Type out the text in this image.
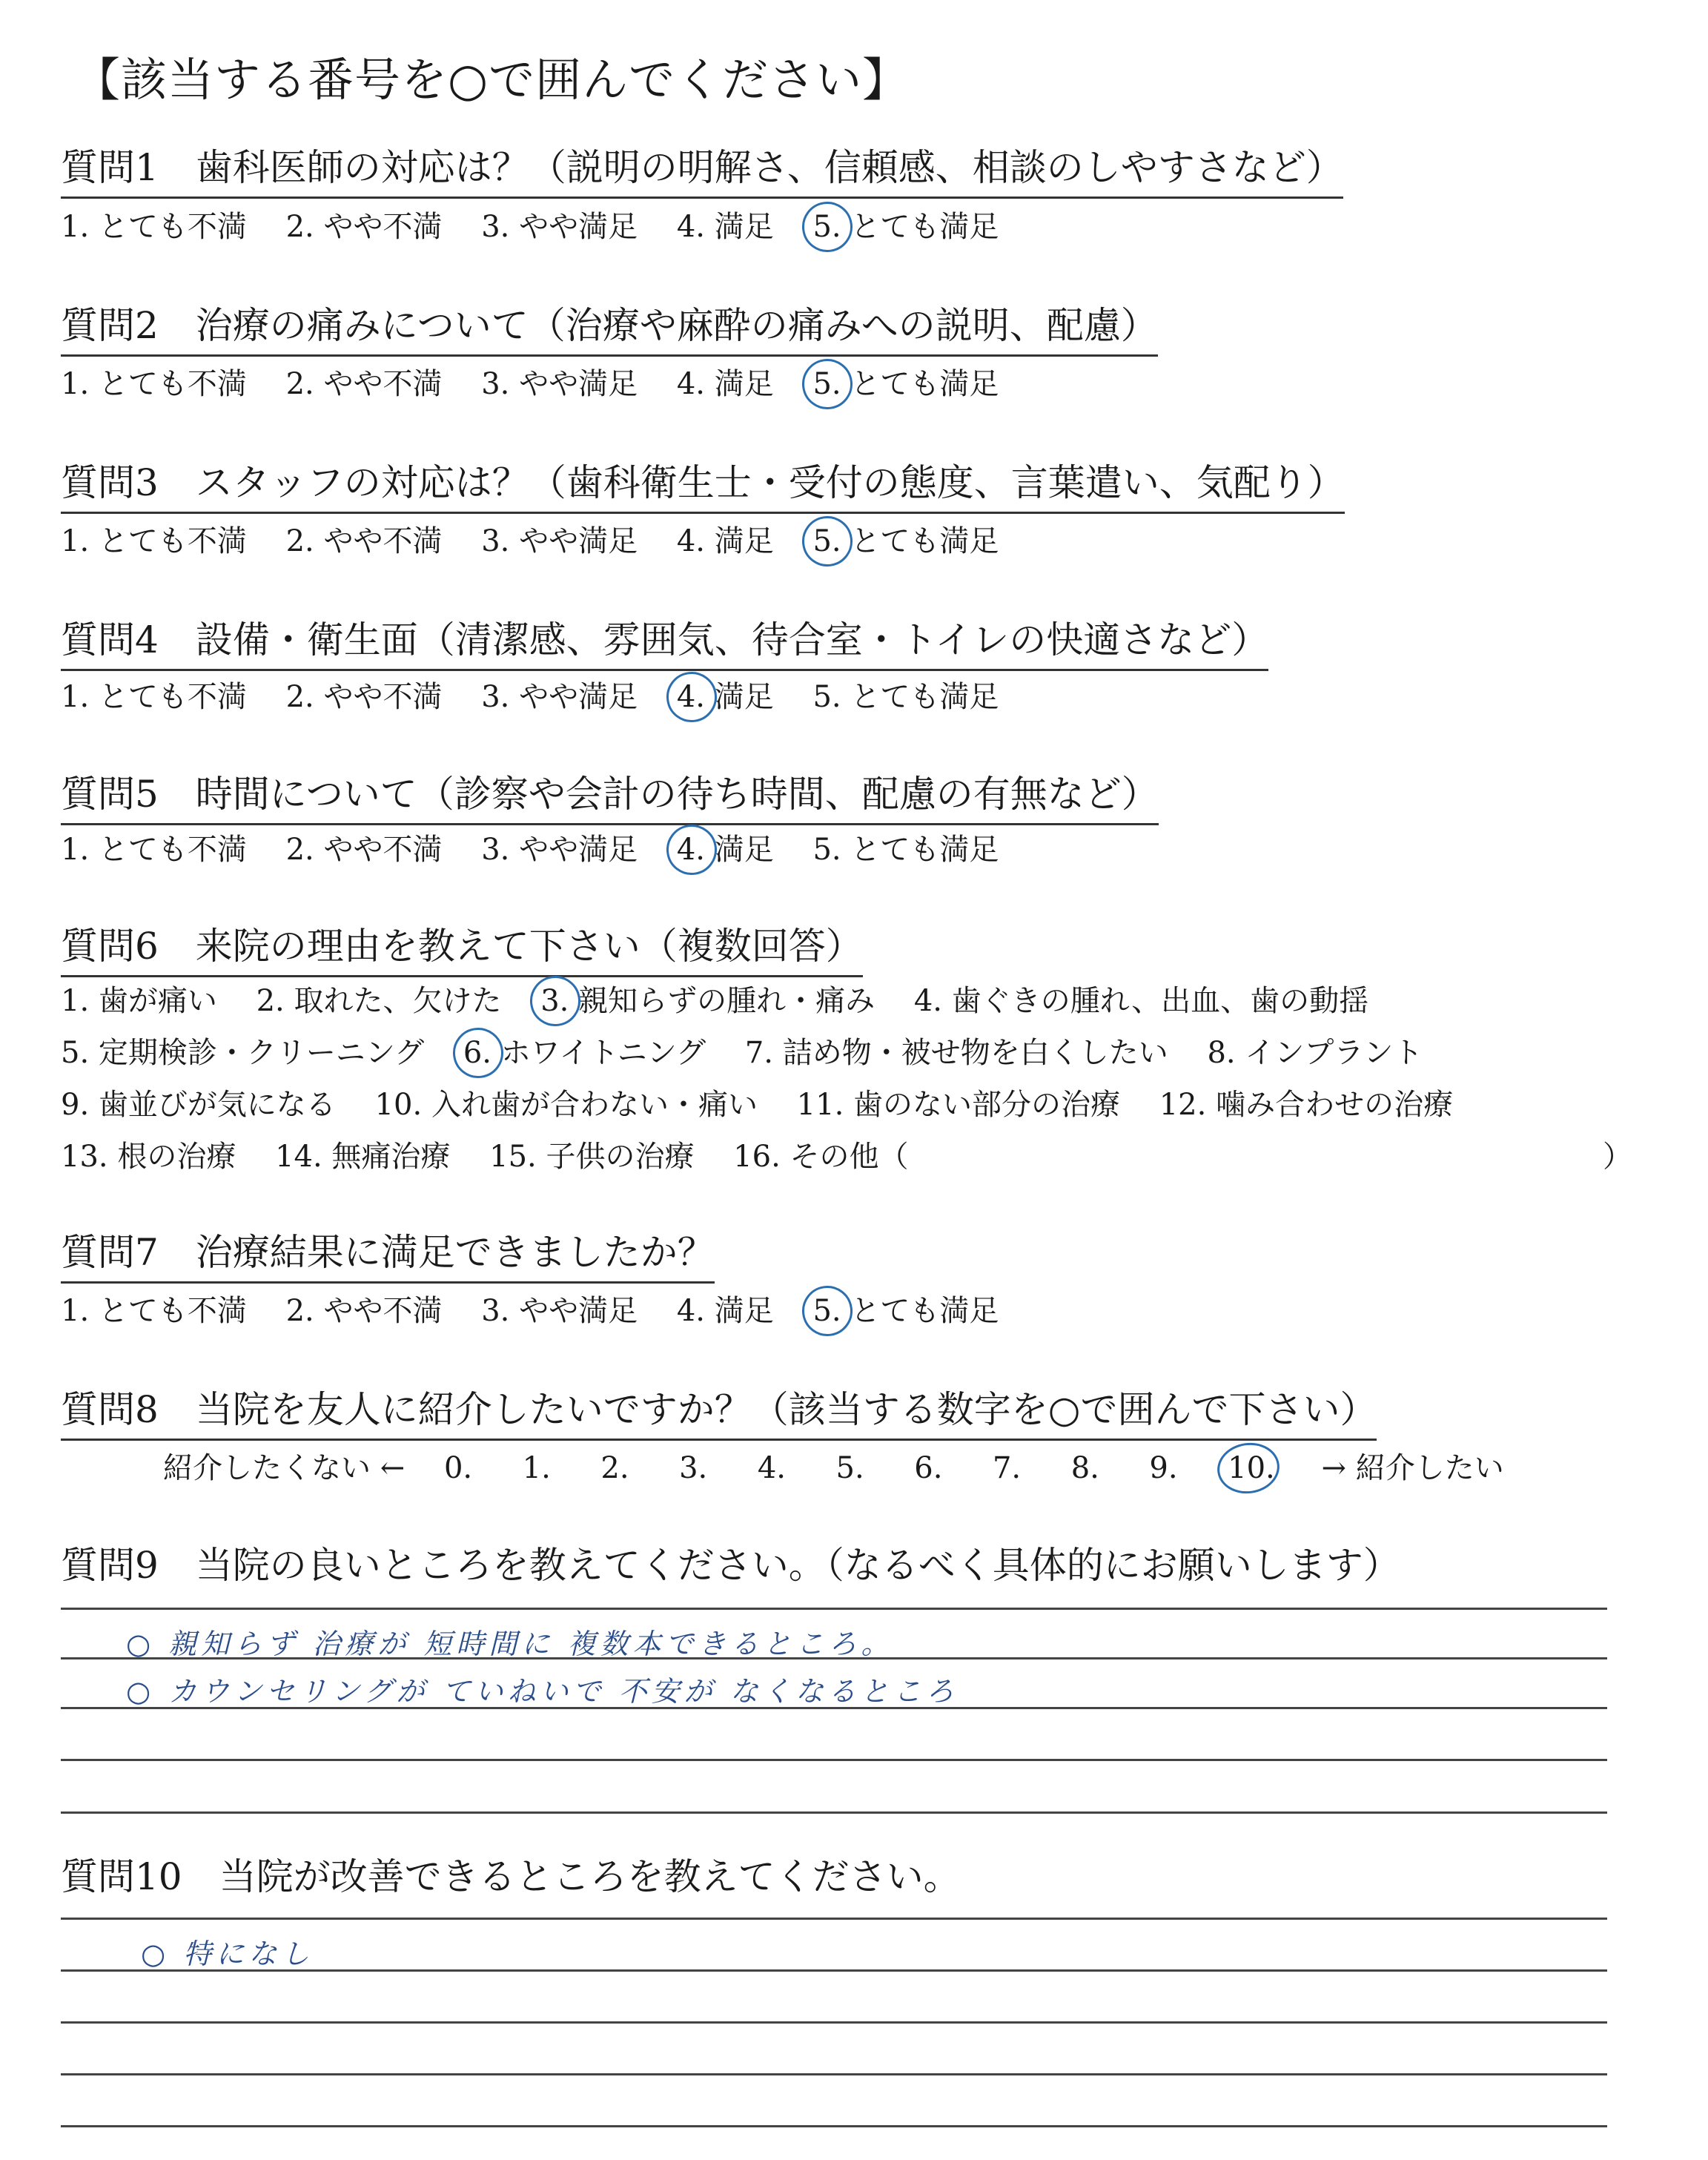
【該当する番号を○で囲んでください】
質問1　歯科医師の対応は？（説明の明解さ、信頼感、相談のしやすさなど）
1. とても不満 2. やや不満 3. やや満足 4. 満足 5. とても満足
質問2　治療の痛みについて（治療や麻酔の痛みへの説明、配慮）
1. とても不満 2. やや不満 3. やや満足 4. 満足 5. とても満足
質問3　スタッフの対応は？（歯科衛生士・受付の態度、言葉遣い、気配り）
1. とても不満 2. やや不満 3. やや満足 4. 満足 5. とても満足
質問4　設備・衛生面（清潔感、雰囲気、待合室・トイレの快適さなど）
1. とても不満 2. やや不満 3. やや満足 4. 満足 5. とても満足
質問5　時間について（診察や会計の待ち時間、配慮の有無など）
1. とても不満 2. やや不満 3. やや満足 4. 満足 5. とても満足
質問6　来院の理由を教えて下さい（複数回答）
1. 歯が痛い 2. 取れた、欠けた 3. 親知らずの腫れ・痛み 4. 歯ぐきの腫れ、出血、歯の動揺
5. 定期検診・クリーニング 6. ホワイトニング 7. 詰め物・被せ物を白くしたい 8. インプラント
9. 歯並びが気になる 10. 入れ歯が合わない・痛い 11. 歯のない部分の治療 12. 噛み合わせの治療
13. 根の治療 14. 無痛治療 15. 子供の治療 16. その他（	）
質問7　治療結果に満足できましたか？
1. とても不満 2. やや不満 3. やや満足 4. 満足 5. とても満足
質問8　当院を友人に紹介したいですか？（該当する数字を○で囲んで下さい）
紹介したくない ← 0. 1. 2. 3. 4. 5. 6. 7. 8. 9. 10. → 紹介したい
質問9　当院の良いところを教えてください。（なるべく具体的にお願いします）
○ 親知らず 治療が 短時間に 複数本できるところ。
○ カウンセリングが ていねいで 不安が なくなるところ
質問10　当院が改善できるところを教えてください。
○ 特になし
